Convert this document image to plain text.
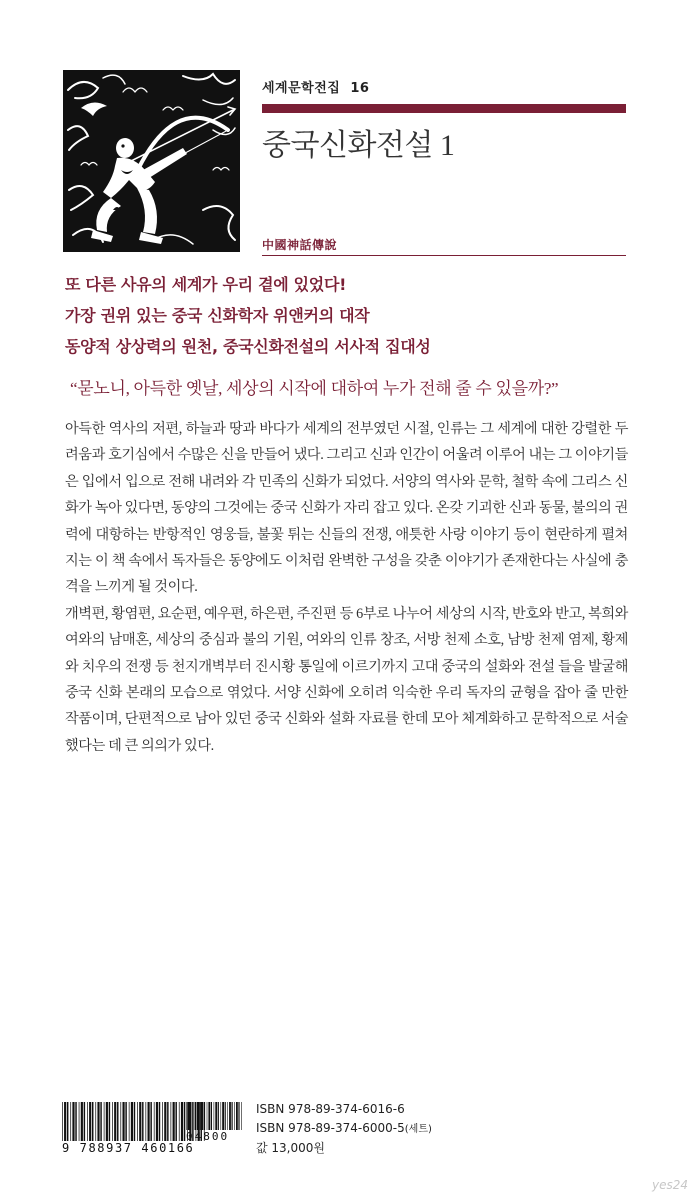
세계문학전집 16
중국신화전설 1
中國神話傳說
또 다른 사유의 세계가 우리 곁에 있었다!
가장 권위 있는 중국 신화학자 위앤커의 대작
동양적 상상력의 원천, 중국신화전설의 서사적 집대성
“묻노니, 아득한 옛날, 세상의 시작에 대하여 누가 전해 줄 수 있을까?”

아득한 역사의 저편, 하늘과 땅과 바다가 세계의 전부였던 시절, 인류는 그 세계에 대한 강렬한 두려움과 호기심에서 수많은 신을 만들어 냈다. 그리고 신과 인간이 어울려 이루어 내는 그 이야기들은 입에서 입으로 전해 내려와 각 민족의 신화가 되었다. 서양의 역사와 문학, 철학 속에 그리스 신화가 녹아 있다면, 동양의 그것에는 중국 신화가 자리 잡고 있다. 온갖 기괴한 신과 동물, 불의의 권력에 대항하는 반항적인 영웅들, 불꽃 튀는 신들의 전쟁, 애틋한 사랑 이야기 등이 현란하게 펼쳐지는 이 책 속에서 독자들은 동양에도 이처럼 완벽한 구성을 갖춘 이야기가 존재한다는 사실에 충격을 느끼게 될 것이다.

개벽편, 황염편, 요순편, 예우편, 하은편, 주진편 등 6부로 나누어 세상의 시작, 반호와 반고, 복희와 여와의 남매혼, 세상의 중심과 불의 기원, 여와의 인류 창조, 서방 천제 소호, 남방 천제 염제, 황제와 치우의 전쟁 등 천지개벽부터 진시황 통일에 이르기까지 고대 중국의 설화와 전설 들을 발굴해 중국 신화 본래의 모습으로 엮었다. 서양 신화에 오히려 익숙한 우리 독자의 균형을 잡아 줄 만한 작품이며, 단편적으로 남아 있던 중국 신화와 설화 자료를 한데 모아 체계화하고 문학적으로 서술했다는 데 큰 의의가 있다.

9 788937 460166
04800
ISBN 978-89-374-6016-6
ISBN 978-89-374-6000-5(세트)
값 13,000원
yes24
